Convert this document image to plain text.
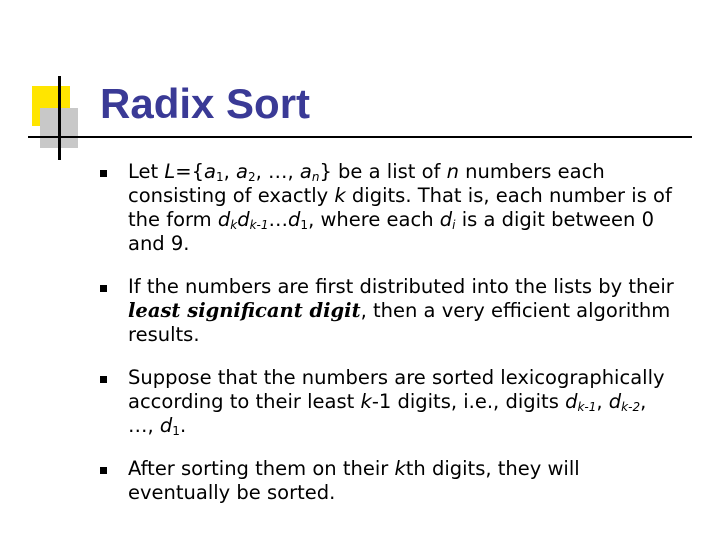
Radix Sort
Let $L=\{a_1$, $a_2$, …, $a_n$} be a list of n numbers each consisting of exactly k digits. That is, each number is of the form $d_kd_{k-1}\dots d_1$, where each $d_i$ is a digit between 0 and 9.
If the numbers are first distributed into the lists by their least significant digit, then a very efficient algorithm results.
Suppose that the numbers are sorted lexicographically according to their least k-1 digits, i.e., digits $d_{k-1}$, $d_{k-2}$, …, $d_1$.
After sorting them on their kth digits, they will eventually be sorted.
